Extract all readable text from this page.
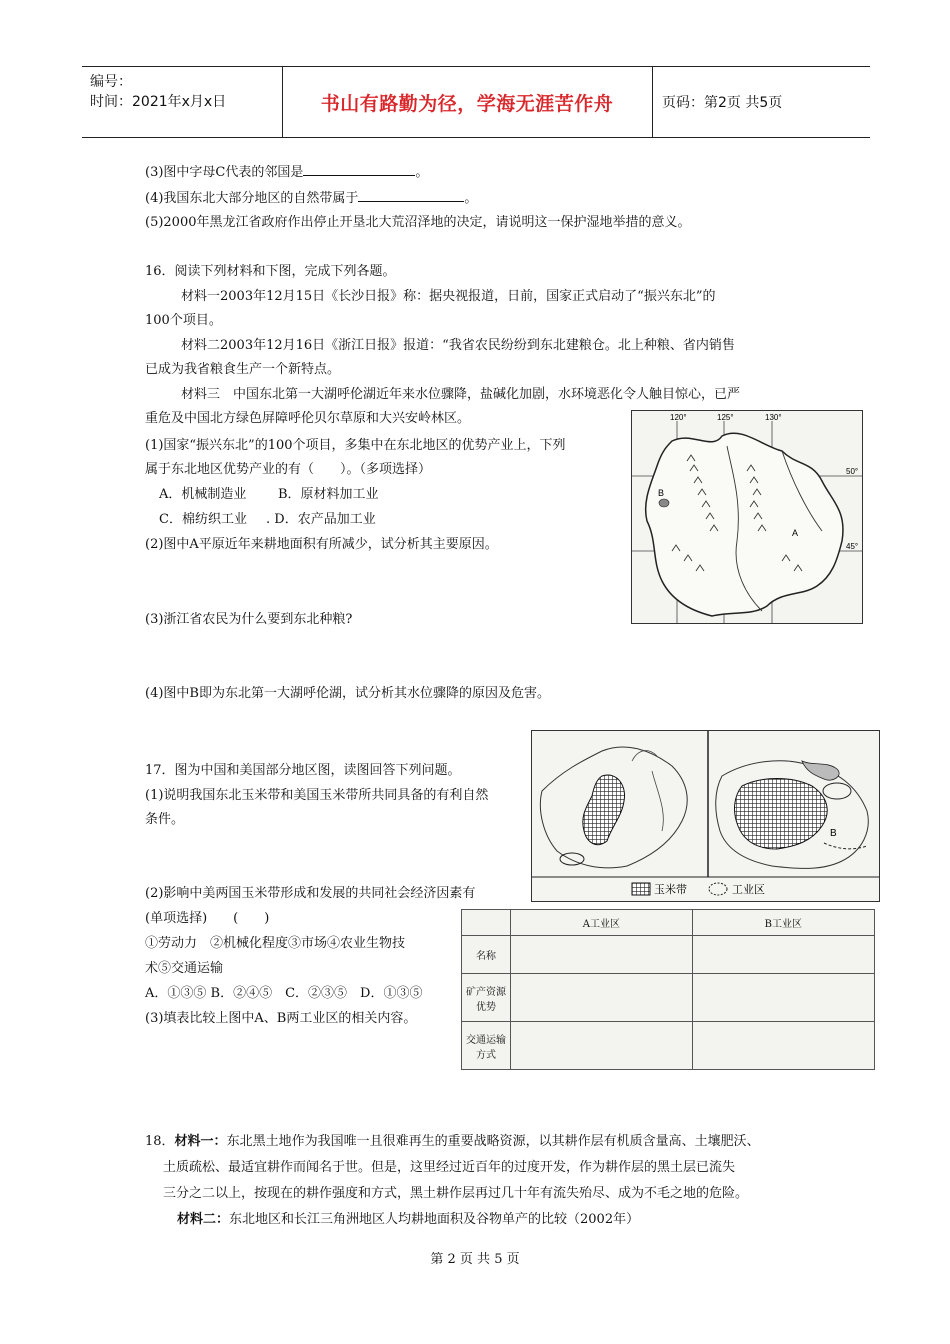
编号：
时间：2021年x月x日	书山有路勤为径，学海无涯苦作舟	页码：第2页 共5页
(3)图中字母C代表的邻国是	。
(4)我国东北大部分地区的自然带属于	。
(5)2000年黑龙江省政府作出停止开垦北大荒沼泽地的决定，请说明这一保护湿地举措的意义。
16．阅读下列材料和下图，完成下列各题。
材料一2003年12月15日《长沙日报》称：据央视报道，日前，国家正式启动了“振兴东北”的
100个项目。
材料二2003年12月16日《浙江日报》报道：“我省农民纷纷到东北建粮仓。北上种粮、省内销售
已成为我省粮食生产一个新特点。
材料三　中国东北第一大湖呼伦湖近年来水位骤降，盐碱化加剧，水环境恶化令人触目惊心，已严
重危及中国北方绿色屏障呼伦贝尔草原和大兴安岭林区。
(1)国家“振兴东北”的100个项目，多集中在东北地区的优势产业上，下列
属于东北地区优势产业的有（　　）。（多项选择）
A．机械制造业 B．原材料加工业
C．棉纺织工业 . D．农产品加工业
(2)图中A平原近年来耕地面积有所减少，试分析其主要原因。
(3)浙江省农民为什么要到东北种粮?
(4)图中B即为东北第一大湖呼伦湖，试分析其水位骤降的原因及危害。
B
A
120°	125°	130°
50°
45°
17．图为中国和美国部分地区图，读图回答下列问题。
(1)说明我国东北玉米带和美国玉米带所共同具备的有利自然
条件。
(2)影响中美两国玉米带形成和发展的共同社会经济因素有
(单项选择)　　(　　)
①劳动力　②机械化程度③市场④农业生物技
术⑤交通运输
A．①③⑤ B．②④⑤　C．②③⑤　D．①③⑤
(3)填表比较上图中A、B两工业区的相关内容。
B
玉米带	工业区
	A工业区	B工业区
名称		
矿产资源优势		
交通运输方式		
18．材料一：东北黑土地作为我国唯一且很难再生的重要战略资源，以其耕作层有机质含量高、土壤肥沃、
土质疏松、最适宜耕作而闻名于世。但是，这里经过近百年的过度开发，作为耕作层的黑土层已流失
三分之二以上，按现在的耕作强度和方式，黑土耕作层再过几十年有流失殆尽、成为不毛之地的危险。
材料二：东北地区和长江三角洲地区人均耕地面积及谷物单产的比较（2002年）
第 2 页 共 5 页
